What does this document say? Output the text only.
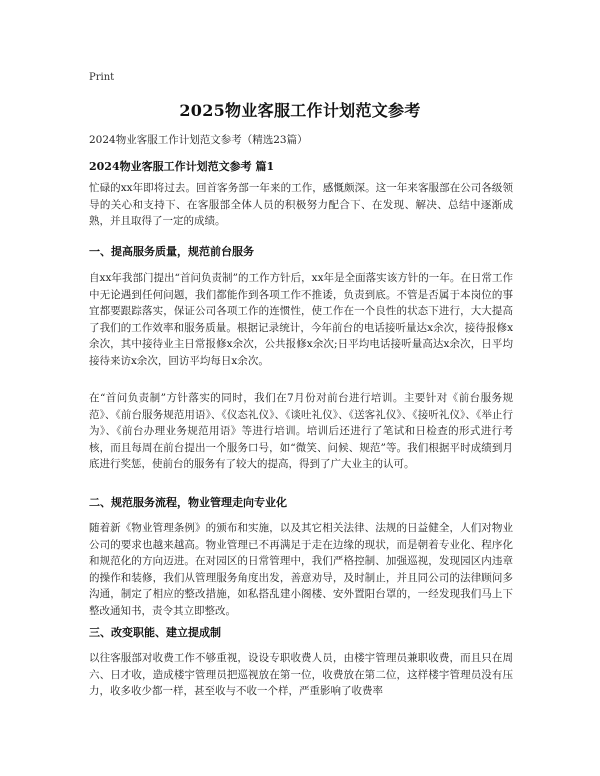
Print
2025物业客服工作计划范文参考
2024物业客服工作计划范文参考（精选23篇）
2024物业客服工作计划范文参考 篇1
忙碌的xx年即将过去。回首客务部一年来的工作，感慨颇深。这一年来客服部在公司各级领导的关心和支持下、在客服部全体人员的积极努力配合下、在发现、解决、总结中逐渐成熟，并且取得了一定的成绩。
一、提高服务质量，规范前台服务
自xx年我部门提出“首问负责制”的工作方针后，xx年是全面落实该方针的一年。在日常工作中无论遇到任何问题，我们都能作到各项工作不推诿，负责到底。不管是否属于本岗位的事宜都要跟踪落实，保证公司各项工作的连惯性，使工作在一个良性的状态下进行，大大提高了我们的工作效率和服务质量。根据记录统计，今年前台的电话接听量达x余次，接待报修x余次，其中接待业主日常报修x余次，公共报修x余次;日平均电话接听量高达x余次，日平均接待来访x余次，回访平均每日x余次。
在“首问负责制”方针落实的同时，我们在7月份对前台进行培训。主要针对《前台服务规范》、《前台服务规范用语》、《仪态礼仪》、《谈吐礼仪》、《送客礼仪》、《接听礼仪》、《举止行为》、《前台办理业务规范用语》等进行培训。培训后还进行了笔试和日检查的形式进行考核，而且每周在前台提出一个服务口号，如“微笑、问候、规范”等。我们根据平时成绩到月底进行奖惩，使前台的服务有了较大的提高，得到了广大业主的认可。
二、规范服务流程，物业管理走向专业化
随着新《物业管理条例》的颁布和实施，以及其它相关法律、法规的日益健全，人们对物业公司的要求也越来越高。物业管理已不再满足于走在边缘的现状，而是朝着专业化、程序化和规范化的方向迈进。在对园区的日常管理中，我们严格控制、加强巡视，发现园区内违章的操作和装修，我们从管理服务角度出发，善意劝导，及时制止，并且同公司的法律顾问多沟通，制定了相应的整改措施，如私搭乱建小阁楼、安外置阳台罩的，一经发现我们马上下整改通知书，责令其立即整改。
三、改变职能、建立提成制
以往客服部对收费工作不够重视，设设专职收费人员，由楼宇管理员兼职收费，而且只在周六、日才收，造成楼宇管理员把巡视放在第一位，收费放在第二位，这样楼宇管理员没有压力，收多收少都一样，甚至收与不收一个样，严重影响了收费率
